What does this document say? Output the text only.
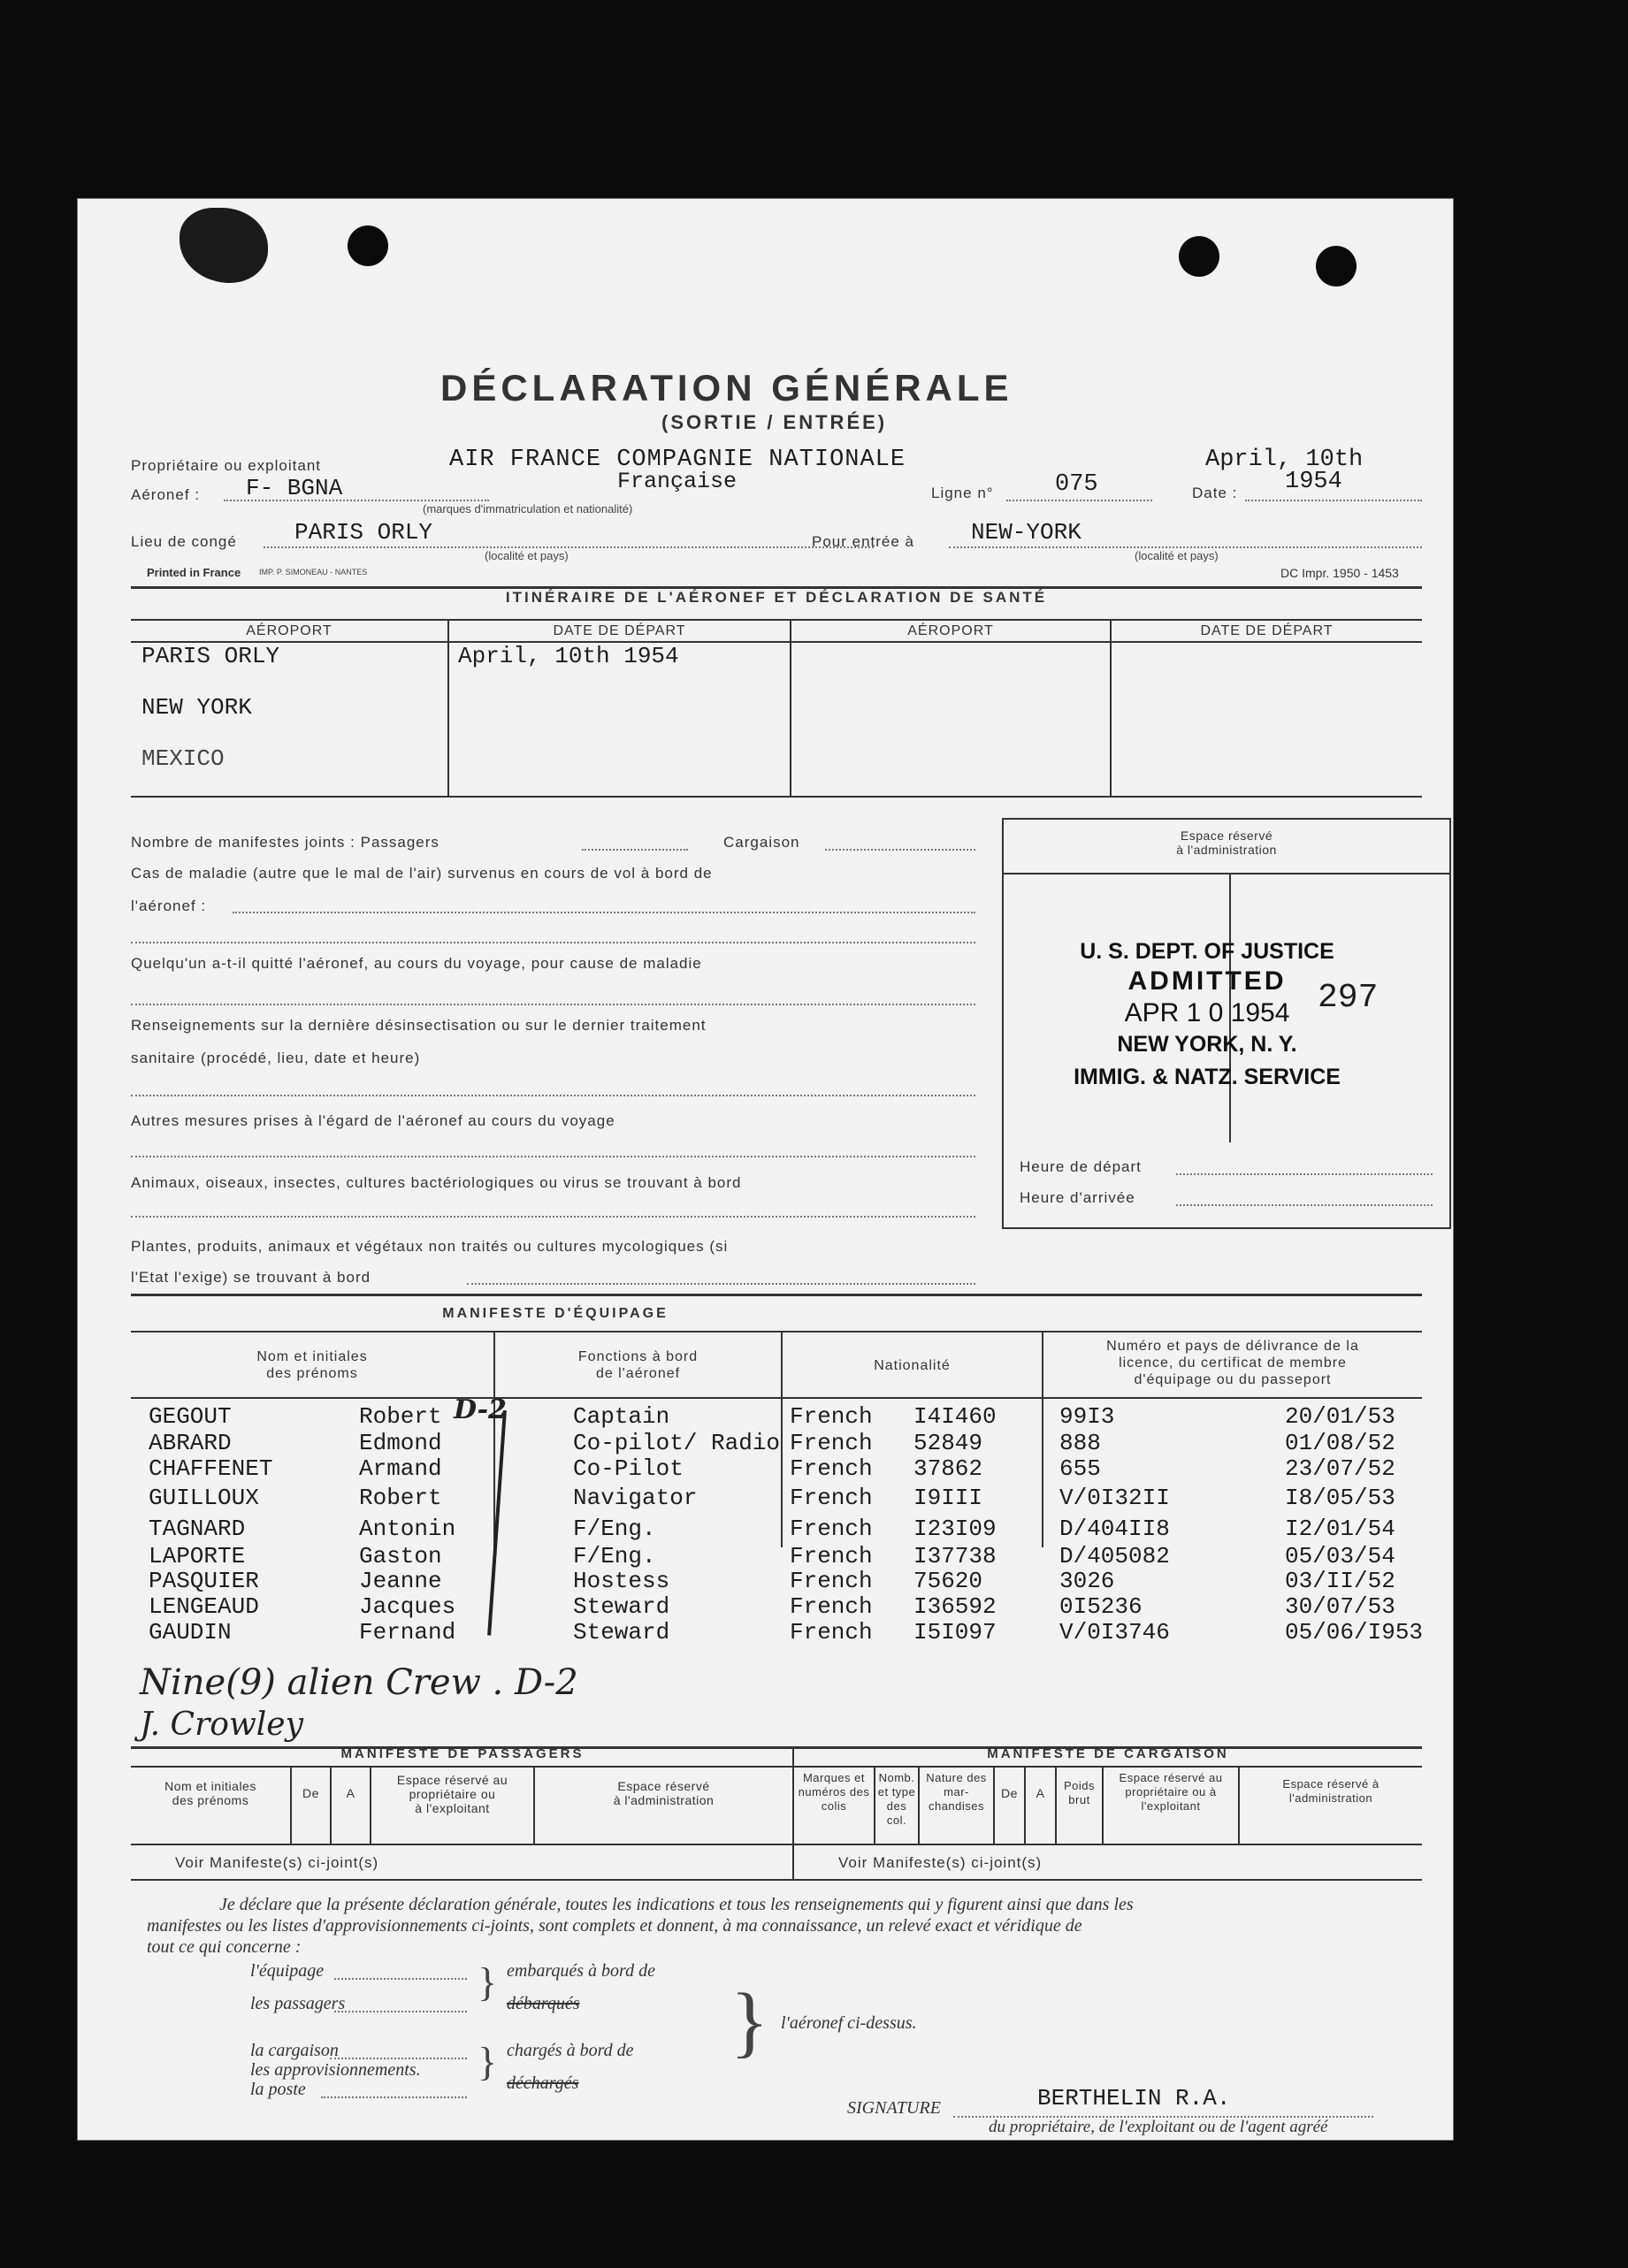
DÉCLARATION GÉNÉRALE
(SORTIE / ENTRÉE)
Propriétaire ou exploitant	AIR FRANCE COMPAGNIE NATIONALE
Française
April, 10th
1954
Aéronef : F- BGNA
(marques d'immatriculation et nationalité)
Ligne n°	075	Date :
Lieu de congé	PARIS ORLY
(localité et pays)
Pour entrée à NEW-YORK
(localité et pays)
Printed in France IMP. P. SIMONEAU - NANTES	DC Impr. 1950 - 1453
ITINÉRAIRE DE L'AÉRONEF ET DÉCLARATION DE SANTÉ
AÉROPORT	DATE DE DÉPART	AÉROPORT	DATE DE DÉPART
PARIS ORLY
NEW YORK
MEXICO
April, 10th 1954
Nombre de manifestes joints : Passagers	Cargaison
Cas de maladie (autre que le mal de l'air) survenus en cours de vol à bord de
l'aéronef :
Quelqu'un a-t-il quitté l'aéronef, au cours du voyage, pour cause de maladie
Renseignements sur la dernière désinsectisation ou sur le dernier traitement
sanitaire (procédé, lieu, date et heure)
Autres mesures prises à l'égard de l'aéronef au cours du voyage
Animaux, oiseaux, insectes, cultures bactériologiques ou virus se trouvant à bord
Plantes, produits, animaux et végétaux non traités ou cultures mycologiques (si
l'Etat l'exige) se trouvant à bord
Espace réservé
à l'administration
U. S. DEPT. OF JUSTICE
ADMITTED
APR 1 0 1954
NEW YORK, N. Y.
IMMIG. & NATZ. SERVICE
297
Heure de départ
Heure d'arrivée
MANIFESTE D'ÉQUIPAGE
Nom et initiales
des prénoms
Fonctions à bord
de l'aéronef
Nationalité
Numéro et pays de délivrance de la
licence, du certificat de membre
d'équipage ou du passeport
GEGOUT	Robert	Captain	French I4I460	99I3	20/01/53
ABRARD	Edmond	Co-pilot/ Radio French 52849	888	01/08/52
CHAFFENET	Armand	Co-Pilot	French 37862	655	23/07/52
GUILLOUX	Robert	Navigator	French I9III	V/0I32II	I8/05/53
TAGNARD	Antonin	F/Eng.	French I23I09	D/404II8	I2/01/54
LAPORTE	Gaston	F/Eng.	French I37738	D/405082	05/03/54
PASQUIER	Jeanne	Hostess	French 75620	3026	03/II/52
LENGEAUD	Jacques	Steward	French I36592	0I5236	30/07/53
GAUDIN	Fernand	Steward	French I5I097	V/0I3746	05/06/I953
D-2
Nine(9) alien Crew . D-2
J. Crowley
MANIFESTE DE PASSAGERS	MANIFESTE DE CARGAISON
Nom et initiales
des prénoms	De	A
Espace réservé au
propriétaire ou
à l'exploitant
Espace réservé
à l'administration
Voir Manifeste(s) ci-joint(s)
Marques et numéros des colis
Nomb. et type des col.
Nature des mar-chandises
De	A
Poids brut
Espace réservé au propriétaire ou à l'exploitant
Espace réservé à l'administration
Voir Manifeste(s) ci-joint(s)
Je déclare que la présente déclaration générale, toutes les indications et tous les renseignements qui y figurent ainsi que dans les
manifestes ou les listes d'approvisionnements ci-joints, sont complets et donnent, à ma connaissance, un relevé exact et véridique de
tout ce qui concerne :
l'équipage
les passagers	} embarqués à bord de
débarqués } l'aéronef ci-dessus.
la cargaison
les approvisionnements.
la poste
} chargés à bord de
déchargés
SIGNATURE	BERTHELIN R.A.
du propriétaire, de l'exploitant ou de l'agent agréé
